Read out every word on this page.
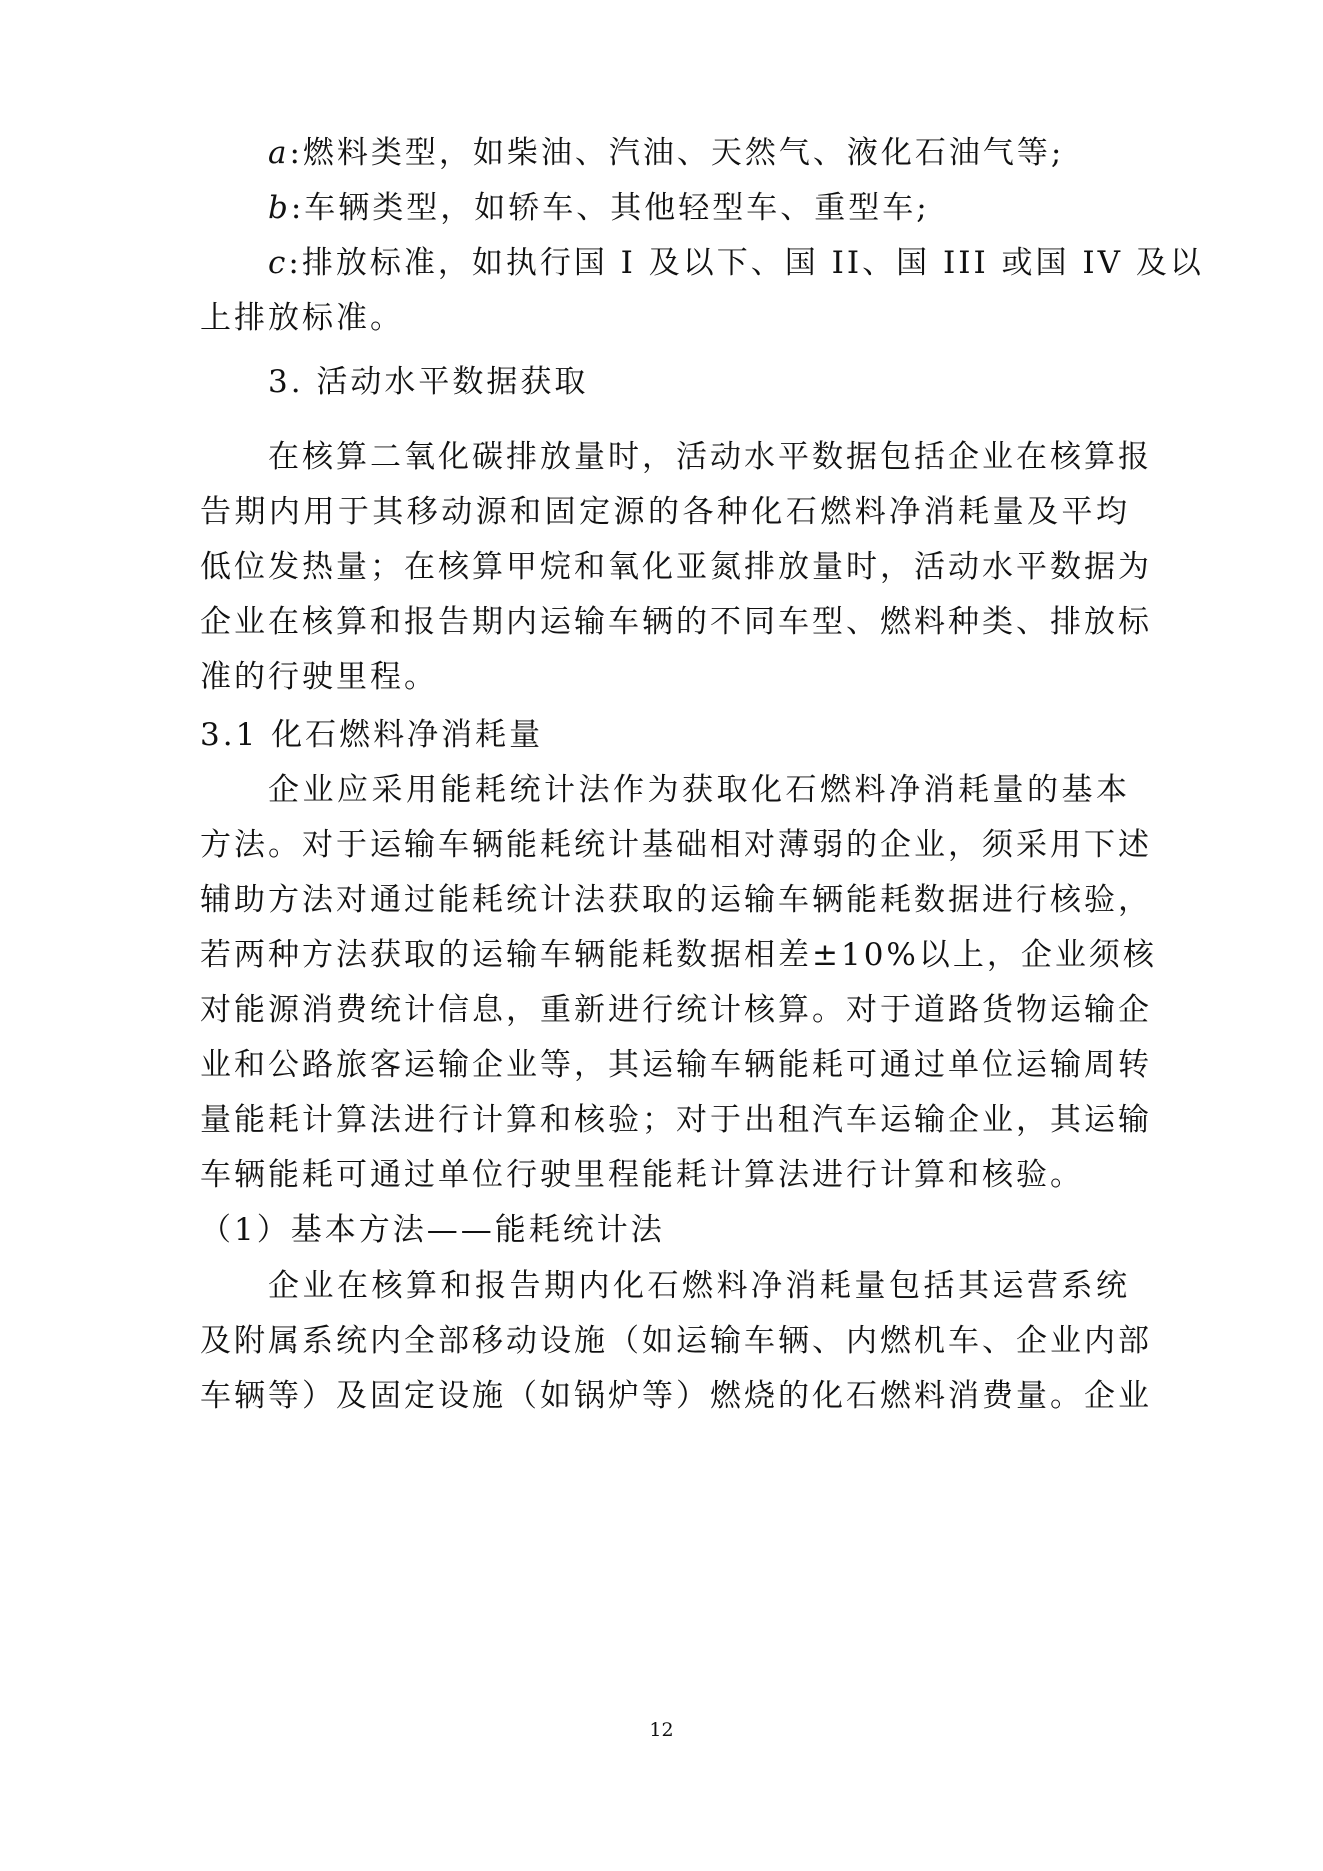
a:燃料类型，如柴油、汽油、天然气、液化石油气等;
b:车辆类型，如轿车、其他轻型车、重型车;
c:排放标准，如执行国 I 及以下、国 II、国 III 或国 IV 及以
上排放标准。
3. 活动水平数据获取
在核算二氧化碳排放量时，活动水平数据包括企业在核算报
告期内用于其移动源和固定源的各种化石燃料净消耗量及平均
低位发热量；在核算甲烷和氧化亚氮排放量时，活动水平数据为
企业在核算和报告期内运输车辆的不同车型、燃料种类、排放标
准的行驶里程。
3.1 化石燃料净消耗量
企业应采用能耗统计法作为获取化石燃料净消耗量的基本
方法。对于运输车辆能耗统计基础相对薄弱的企业，须采用下述
辅助方法对通过能耗统计法获取的运输车辆能耗数据进行核验，
若两种方法获取的运输车辆能耗数据相差±10%以上，企业须核
对能源消费统计信息，重新进行统计核算。对于道路货物运输企
业和公路旅客运输企业等，其运输车辆能耗可通过单位运输周转
量能耗计算法进行计算和核验；对于出租汽车运输企业，其运输
车辆能耗可通过单位行驶里程能耗计算法进行计算和核验。
（1）基本方法——能耗统计法
企业在核算和报告期内化石燃料净消耗量包括其运营系统
及附属系统内全部移动设施（如运输车辆、内燃机车、企业内部
车辆等）及固定设施（如锅炉等）燃烧的化石燃料消费量。企业
12
